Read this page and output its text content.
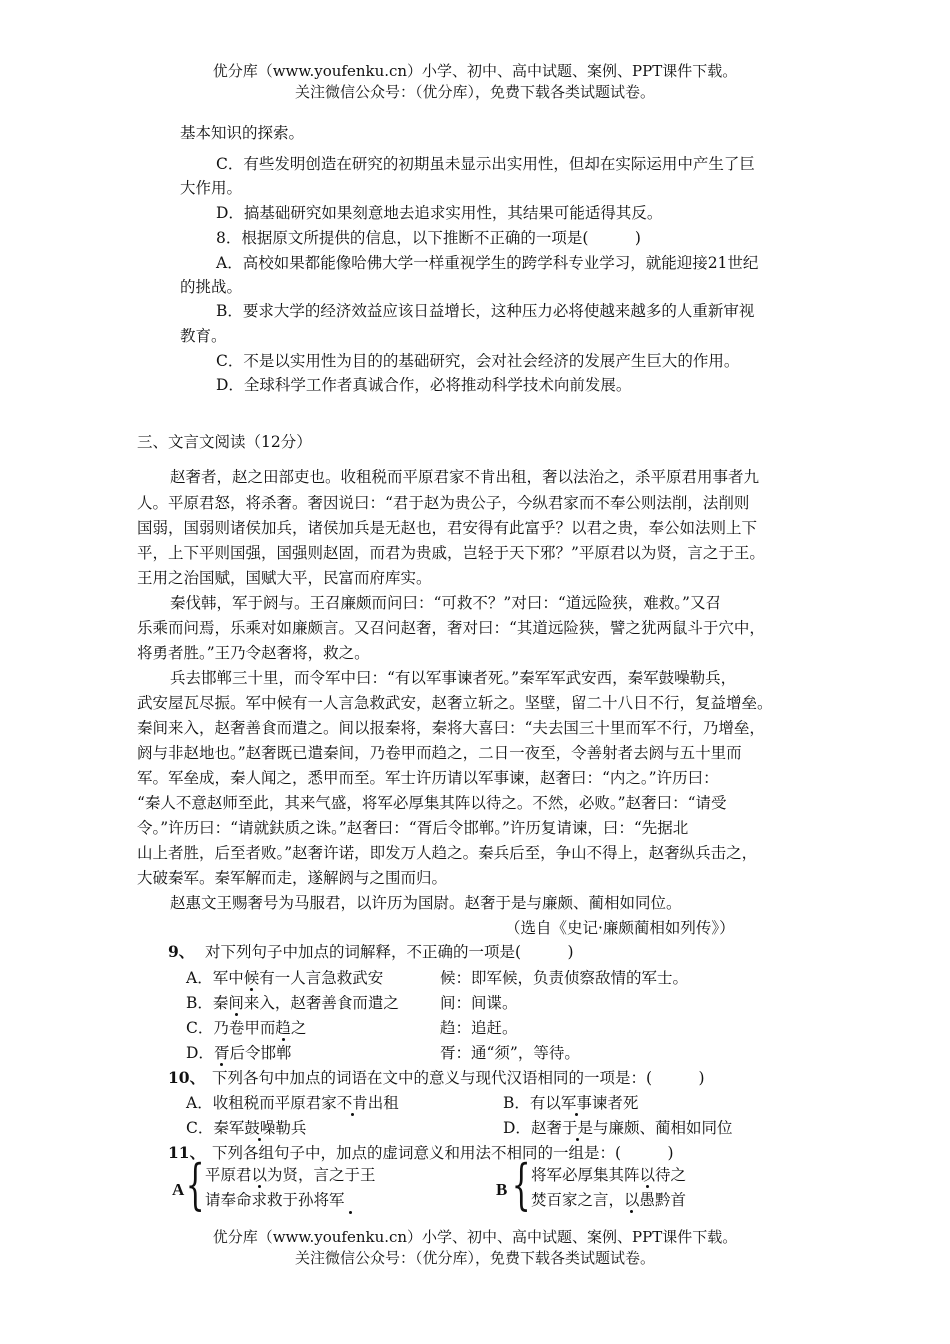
优分库（www.youfenku.cn）小学、初中、高中试题、案例、PPT课件下载。
关注微信公众号：（优分库），免费下载各类试题试卷。
基本知识的探索。
C．有些发明创造在研究的初期虽未显示出实用性，但却在实际运用中产生了巨
大作用。
D．搞基础研究如果刻意地去追求实用性，其结果可能适得其反。
8．根据原文所提供的信息，以下推断不正确的一项是(　　　)
A．高校如果都能像哈佛大学一样重视学生的跨学科专业学习，就能迎接21世纪
的挑战。
B．要求大学的经济效益应该日益增长，这种压力必将使越来越多的人重新审视
教育。
C．不是以实用性为目的的基础研究，会对社会经济的发展产生巨大的作用。
D．全球科学工作者真诚合作，必将推动科学技术向前发展。
三、文言文阅读（12分）
赵奢者，赵之田部吏也。收租税而平原君家不肯出租，奢以法治之，杀平原君用事者九
人。平原君怒，将杀奢。奢因说曰：“君于赵为贵公子，今纵君家而不奉公则法削，法削则
国弱，国弱则诸侯加兵，诸侯加兵是无赵也，君安得有此富乎？以君之贵，奉公如法则上下
平，上下平则国强，国强则赵固，而君为贵戚，岂轻于天下邪？”平原君以为贤，言之于王。
王用之治国赋，国赋大平，民富而府库实。
秦伐韩，军于阏与。王召廉颇而问曰：“可救不？”对曰：“道远险狭，难救。”又召
乐乘而问焉，乐乘对如廉颇言。又召问赵奢，奢对曰：“其道远险狭，譬之犹两鼠斗于穴中，
将勇者胜。”王乃令赵奢将，救之。
兵去邯郸三十里，而令军中曰：“有以军事谏者死。”秦军军武安西，秦军鼓噪勒兵，
武安屋瓦尽振。军中候有一人言急救武安，赵奢立斩之。坚壁，留二十八日不行，复益增垒。
秦间来入，赵奢善食而遣之。间以报秦将，秦将大喜曰：“夫去国三十里而军不行，乃增垒，
阏与非赵地也。”赵奢既已遣秦间，乃卷甲而趋之，二日一夜至，令善射者去阏与五十里而
军。军垒成，秦人闻之，悉甲而至。军士许历请以军事谏，赵奢曰：“内之。”许历曰：
“秦人不意赵师至此，其来气盛，将军必厚集其阵以待之。不然，必败。”赵奢曰：“请受
令。”许历曰：“请就鈇质之诛。”赵奢曰：“胥后令邯郸。”许历复请谏，曰：“先据北
山上者胜，后至者败。”赵奢许诺，即发万人趋之。秦兵后至，争山不得上，赵奢纵兵击之，
大破秦军。秦军解而走，遂解阏与之围而归。
赵惠文王赐奢号为马服君，以许历为国尉。赵奢于是与廉颇、蔺相如同位。
（选自《史记·廉颇蔺相如列传》）
9、 对下列句子中加点的词解释，不正确的一项是(　　　)
A．军中候有一人言急救武安	候：即军候，负责侦察敌情的军士。
B．秦间来入，赵奢善食而遣之	间：间谍。
C．乃卷甲而趋之	趋：追赶。
D．胥后令邯郸	胥：通“须”，等待。
10、 下列各句中加点的词语在文中的意义与现代汉语相同的一项是：(　　　)
A．收租税而平原君家不肯出租	B．有以军事谏者死
C．秦军鼓噪勒兵	D．赵奢于是与廉颇、蔺相如同位
11、 下列各组句子中，加点的虚词意义和用法不相同的一组是：(　　　)
A { 平原君以为贤，言之于王
请奉命求救于孙将军
B { 将军必厚集其阵以待之
焚百家之言，以愚黔首
优分库（www.youfenku.cn）小学、初中、高中试题、案例、PPT课件下载。
关注微信公众号：（优分库），免费下载各类试题试卷。
